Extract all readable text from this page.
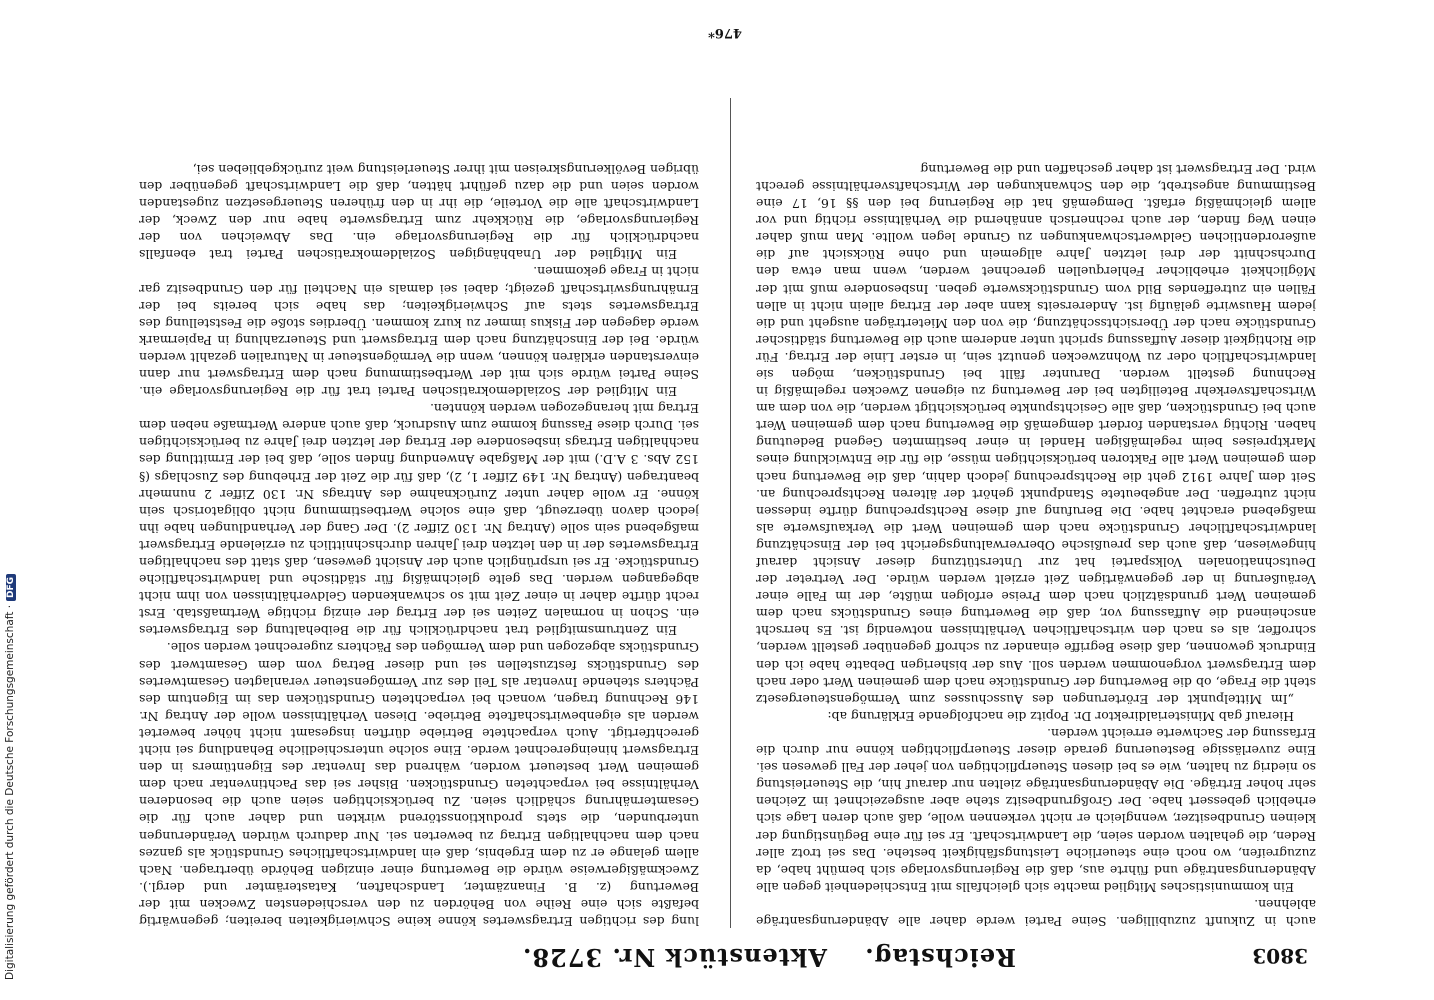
3803
Reichstag. Aktenstück Nr. 3728.

auch in Zukunft zuzubilligen. Seine Partei werde daher alle Abänderungsanträge ablehnen.

Ein kommunistisches Mitglied machte sich gleichfalls mit Entschiedenheit gegen alle Abänderungsanträge und führte aus, daß die Regierungsvorlage sich bemüht habe, da zuzugreifen, wo noch eine steuerliche Leistungsfähigkeit bestehe. Das sei trotz aller Reden, die gehalten worden seien, die Landwirtschaft. Er sei für eine Begünstigung der kleinen Grundbesitzer, wenngleich er nicht verkennen wolle, daß auch deren Lage sich erheblich gebessert habe. Der Großgrundbesitz stehe aber ausgezeichnet im Zeichen sehr hoher Erträge. Die Abänderungsanträge zielten nur darauf hin, die Steuerleistung so niedrig zu halten, wie es bei diesen Steuerpflichtigen von jeher der Fall gewesen sei. Eine zuverlässige Besteuerung gerade dieser Steuerpflichtigen könne nur durch die Erfassung der Sachwerte erreicht werden.

Hierauf gab Ministerialdirektor Dr. Popitz die nachfolgende Erklärung ab:

„Im Mittelpunkt der Erörterungen des Ausschusses zum Vermögensteuergesetz steht die Frage, ob die Bewertung der Grundstücke nach dem gemeinen Wert oder nach dem Ertragswert vorgenommen werden soll. Aus der bisherigen Debatte habe ich den Eindruck gewonnen, daß diese Begriffe einander zu schroff gegenüber gestellt werden, schroffer, als es nach den wirtschaftlichen Verhältnissen notwendig ist. Es herrscht anscheinend die Auffassung vor, daß die Bewertung eines Grundstücks nach dem gemeinen Wert grundsätzlich nach dem Preise erfolgen müßte, der im Falle einer Veräußerung in der gegenwärtigen Zeit erzielt werden würde. Der Vertreter der Deutschnationalen Volkspartei hat zur Unterstützung dieser Ansicht darauf hingewiesen, daß auch das preußische Oberverwaltungsgericht bei der Einschätzung landwirtschaftlicher Grundstücke nach dem gemeinen Wert die Verkaufswerte als maßgebend erachtet habe. Die Berufung auf diese Rechtsprechung dürfte indessen nicht zutreffen. Der angebeutete Standpunkt gehört der älteren Rechtsprechung an. Seit dem Jahre 1912 geht die Rechtsprechung jedoch dahin, daß die Bewertung nach dem gemeinen Wert alle Faktoren berücksichtigen müsse, die für die Entwicklung eines Marktpreises beim regelmäßigen Handel in einer bestimmten Gegend Bedeutung haben. Richtig verstanden fordert demgemäß die Bewertung nach dem gemeinen Wert auch bei Grundstücken, daß alle Gesichtspunkte berücksichtigt werden, die von dem am Wirtschaftsverkehr Beteiligten bei der Bewertung zu eigenen Zwecken regelmäßig in Rechnung gestellt werden. Darunter fällt bei Grundstücken, mögen sie landwirtschaftlich oder zu Wohnzwecken genutzt sein, in erster Linie der Ertrag. Für die Richtigkeit dieser Auffassung spricht unter anderem auch die Bewertung städtischer Grundstücke nach der Übersichtsschätzung, die von den Mieterträgen ausgeht und die jedem Hauswirte geläufig ist. Andererseits kann aber der Ertrag allein nicht in allen Fällen ein zutreffendes Bild vom Grundstückswerte geben. Insbesondere muß mit der Möglichkeit erheblicher Fehlerquellen gerechnet werden, wenn man etwa den Durchschnitt der drei letzten Jahre allgemein und ohne Rücksicht auf die außerordentlichen Geldwertschwankungen zu Grunde legen wollte. Man muß daher einen Weg finden, der auch rechnerisch annähernd die Verhältnisse richtig und vor allem gleichmäßig erfaßt. Demgemäß hat die Regierung bei den §§ 16, 17 eine Bestimmung angestrebt, die den Schwankungen der Wirtschaftsverhältnisse gerecht wird. Der Ertragswert ist daher geschaffen und die Bewertung

lung des richtigen Ertragswertes könne keine Schwierigkeiten bereiten; gegenwärtig befaßte sich eine Reihe von Behörden zu den verschiedensten Zwecken mit der Bewertung (z. B. Finanzämter, Landschaften, Katasterämter und dergl.). Zweckmäßigerweise würde die Bewertung einer einzigen Behörde übertragen. Nach allem gelange er zu dem Ergebnis, daß ein landwirtschaftliches Grundstück als ganzes nach dem nachhaltigen Ertrag zu bewerten sei. Nur dadurch würden Veränderungen unterbunden, die stets produktionsstörend wirkten und daher auch für die Gesamternährung schädlich seien. Zu berücksichtigen seien auch die besonderen Verhältnisse bei verpachteten Grundstücken. Bisher sei das Pachtinventar nach dem gemeinen Wert besteuert worden, während das Inventar des Eigentümers in den Ertragswert hineingerechnet werde. Eine solche unterschiedliche Behandlung sei nicht gerechtfertigt. Auch verpachtete Betriebe dürften insgesamt nicht höher bewertet werden als eigenbewirtschaftete Betriebe. Diesen Verhältnissen wolle der Antrag Nr. 146 Rechnung tragen, wonach bei verpachteten Grundstücken das im Eigentum des Pächters stehende Inventar als Teil des zur Vermögensteuer veranlagten Gesamtwertes des Grundstücks festzustellen sei und dieser Betrag vom dem Gesamtwert des Grundstücks abgezogen und dem Vermögen des Pächters zugerechnet werden solle.

Ein Zentrumsmitglied trat nachdrücklich für die Beibehaltung des Ertragswertes ein. Schon in normalen Zeiten sei der Ertrag der einzig richtige Wertmaßstab. Erst recht dürfte daher in einer Zeit mit so schwankenden Geldverhältnissen von ihm nicht abgegangen werden. Das gelte gleichmäßig für städtische und landwirtschaftliche Grundstücke. Er sei ursprünglich auch der Ansicht gewesen, daß statt des nachhaltigen Ertragswertes der in den letzten drei Jahren durchschnittlich zu erzielende Ertragswert maßgebend sein solle (Antrag Nr. 130 Ziffer 2). Der Gang der Verhandlungen habe ihn jedoch davon überzeugt, daß eine solche Wertbestimmung nicht obligatorisch sein könne. Er wolle daher unter Zurücknahme des Antrags Nr. 130 Ziffer 2 nunmehr beantragen (Antrag Nr. 149 Ziffer 1, 2), daß für die Zeit der Erhebung des Zuschlags (§ 152 Abs. 3 A.D.) mit der Maßgabe Anwendung finden solle, daß bei der Ermittlung des nachhaltigen Ertrags insbesondere der Ertrag der letzten drei Jahre zu berücksichtigen sei. Durch diese Fassung komme zum Ausdruck, daß auch andere Wertmaße neben dem Ertrag mit herangezogen werden könnten.

Ein Mitglied der Sozialdemokratischen Partei trat für die Regierungsvorlage ein. Seine Partei würde sich mit der Wertbestimmung nach dem Ertragswert nur dann einverstanden erklären können, wenn die Vermögensteuer in Naturalien gezahlt werden würde. Bei der Einschätzung nach dem Ertragswert und Steuerzahlung in Papiermark werde dagegen der Fiskus immer zu kurz kommen. Überdies stoße die Feststellung des Ertragswertes stets auf Schwierigkeiten; das habe sich bereits bei der Ernährungswirtschaft gezeigt; dabei sei damals ein Nachteil für den Grundbesitz gar nicht in Frage gekommen.

Ein Mitglied der Unabhängigen Sozialdemokratischen Partei trat ebenfalls nachdrücklich für die Regierungsvorlage ein. Das Abweichen von der Regierungsvorlage, die Rückkehr zum Ertragswerte habe nur den Zweck, der Landwirtschaft alle die Vorteile, die ihr in den früheren Steuergesetzen zugestanden worden seien und die dazu geführt hätten, daß die Landwirtschaft gegenüber den übrigen Bevölkerungskreisen mit ihrer Steuerleistung weit zurückgeblieben sei,

476*
Digitalisierung gefördert durch die Deutsche Forschungsgemeinschaft ·DFG
